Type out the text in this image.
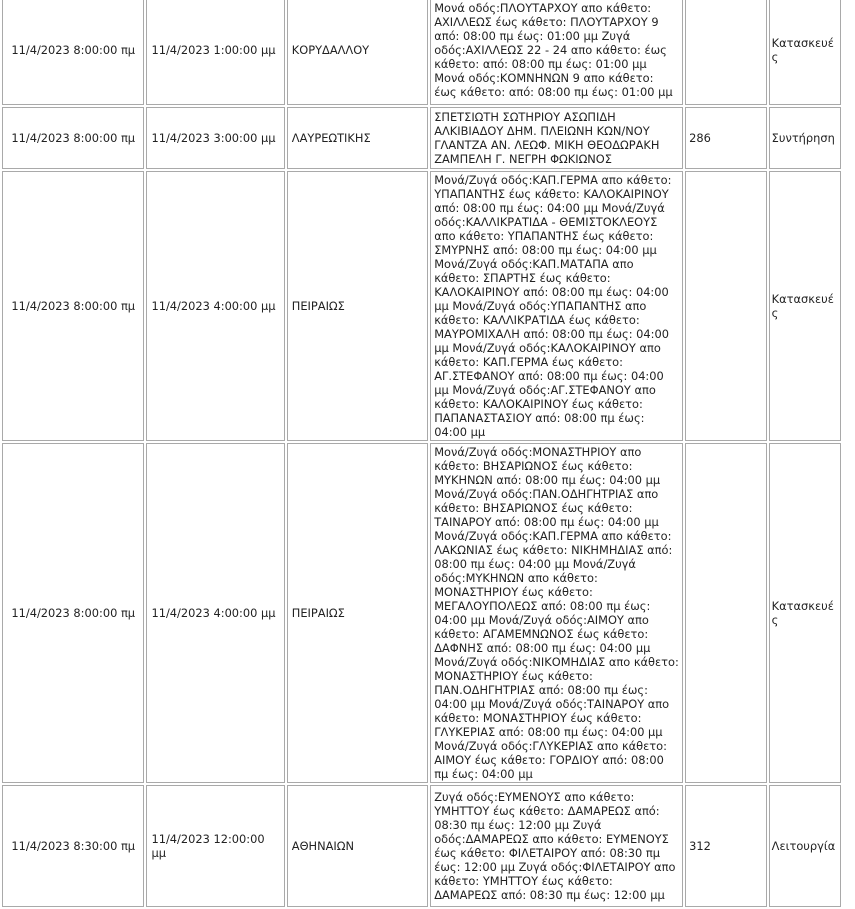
11/4/2023 8:00:00 πμ	11/4/2023 1:00:00 μμ	ΚΟΡΥΔΑΛΛΟΥ	Μονά οδός:ΠΛΟΥΤΑΡΧΟΥ απο κάθετο: ΑΧΙΛΛΕΩΣ έως κάθετο: ΠΛΟΥΤΑΡΧΟΥ 9 από: 08:00 πμ έως: 01:00 μμ Ζυγά οδός:ΑΧΙΛΛΕΩΣ 22 - 24 απο κάθετο: έως κάθετο: από: 08:00 πμ έως: 01:00 μμ Μονά οδός:ΚΟΜΝΗΝΩΝ 9 απο κάθετο: έως κάθετο: από: 08:00 πμ έως: 01:00 μμ		Κατασκευές
11/4/2023 8:00:00 πμ	11/4/2023 3:00:00 μμ	ΛΑΥΡΕΩΤΙΚΗΣ	ΣΠΕΤΣΙΩΤΗ ΣΩΤΗΡΙΟΥ ΑΣΩΠΙΔΗ ΑΛΚΙΒΙΑΔΟΥ ΔΗΜ. ΠΛΕΙΩΝΗ ΚΩΝ/ΝΟΥ ΓΛΑΝΤΖΑ ΑΝ. ΛΕΩΦ. ΜΙΚΗ ΘΕΟΔΩΡΑΚΗ ΖΑΜΠΕΛΗ Γ. ΝΕΓΡΗ ΦΩΚΙΩΝΟΣ	286	Συντήρηση
11/4/2023 8:00:00 πμ	11/4/2023 4:00:00 μμ	ΠΕΙΡΑΙΩΣ	Μονά/Ζυγά οδός:ΚΑΠ.ΓΕΡΜΑ απο κάθετο: ΥΠΑΠΑΝΤΗΣ έως κάθετο: ΚΑΛΟΚΑΙΡΙΝΟΥ από: 08:00 πμ έως: 04:00 μμ Μονά/Ζυγά οδός:ΚΑΛΛΙΚΡΑΤΙΔΑ - ΘΕΜΙΣΤΟΚΛΕΟΥΣ απο κάθετο: ΥΠΑΠΑΝΤΗΣ έως κάθετο: ΣΜΥΡΝΗΣ από: 08:00 πμ έως: 04:00 μμ Μονά/Ζυγά οδός:ΚΑΠ.ΜΑΤΑΠΑ απο κάθετο: ΣΠΑΡΤΗΣ έως κάθετο: ΚΑΛΟΚΑΙΡΙΝΟΥ από: 08:00 πμ έως: 04:00 μμ Μονά/Ζυγά οδός:ΥΠΑΠΑΝΤΗΣ απο κάθετο: ΚΑΛΛΙΚΡΑΤΙΔΑ έως κάθετο: ΜΑΥΡΟΜΙΧΑΛΗ από: 08:00 πμ έως: 04:00 μμ Μονά/Ζυγά οδός:ΚΑΛΟΚΑΙΡΙΝΟΥ απο κάθετο: ΚΑΠ.ΓΕΡΜΑ έως κάθετο: ΑΓ.ΣΤΕΦΑΝΟΥ από: 08:00 πμ έως: 04:00 μμ Μονά/Ζυγά οδός:ΑΓ.ΣΤΕΦΑΝΟΥ απο κάθετο: ΚΑΛΟΚΑΙΡΙΝΟΥ έως κάθετο: ΠΑΠΑΝΑΣΤΑΣΙΟΥ από: 08:00 πμ έως: 04:00 μμ		Κατασκευές
11/4/2023 8:00:00 πμ	11/4/2023 4:00:00 μμ	ΠΕΙΡΑΙΩΣ	Μονά/Ζυγά οδός:ΜΟΝΑΣΤΗΡΙΟΥ απο κάθετο: ΒΗΣΑΡΙΩΝΟΣ έως κάθετο: ΜΥΚΗΝΩΝ από: 08:00 πμ έως: 04:00 μμ Μονά/Ζυγά οδός:ΠΑΝ.ΟΔΗΓΗΤΡΙΑΣ απο κάθετο: ΒΗΣΑΡΙΩΝΟΣ έως κάθετο: ΤΑΙΝΑΡΟΥ από: 08:00 πμ έως: 04:00 μμ Μονά/Ζυγά οδός:ΚΑΠ.ΓΕΡΜΑ απο κάθετο: ΛΑΚΩΝΙΑΣ έως κάθετο: ΝΙΚΗΜΗΔΙΑΣ από: 08:00 πμ έως: 04:00 μμ Μονά/Ζυγά οδός:ΜΥΚΗΝΩΝ απο κάθετο: ΜΟΝΑΣΤΗΡΙΟΥ έως κάθετο: ΜΕΓΑΛΟΥΠΟΛΕΩΣ από: 08:00 πμ έως: 04:00 μμ Μονά/Ζυγά οδός:ΑΙΜΟΥ απο κάθετο: ΑΓΑΜΕΜΝΩΝΟΣ έως κάθετο: ΔΑΦΝΗΣ από: 08:00 πμ έως: 04:00 μμ Μονά/Ζυγά οδός:ΝΙΚΟΜΗΔΙΑΣ απο κάθετο: ΜΟΝΑΣΤΗΡΙΟΥ έως κάθετο: ΠΑΝ.ΟΔΗΓΗΤΡΙΑΣ από: 08:00 πμ έως: 04:00 μμ Μονά/Ζυγά οδός:ΤΑΙΝΑΡΟΥ απο κάθετο: ΜΟΝΑΣΤΗΡΙΟΥ έως κάθετο: ΓΛΥΚΕΡΙΑΣ από: 08:00 πμ έως: 04:00 μμ Μονά/Ζυγά οδός:ΓΛΥΚΕΡΙΑΣ απο κάθετο: ΑΙΜΟΥ έως κάθετο: ΓΟΡΔΙΟΥ από: 08:00 πμ έως: 04:00 μμ		Κατασκευές
11/4/2023 8:30:00 πμ	11/4/2023 12:00:00 μμ	ΑΘΗΝΑΙΩΝ	Ζυγά οδός:ΕΥΜΕΝΟΥΣ απο κάθετο: ΥΜΗΤΤΟΥ έως κάθετο: ΔΑΜΑΡΕΩΣ από: 08:30 πμ έως: 12:00 μμ Ζυγά οδός:ΔΑΜΑΡΕΩΣ απο κάθετο: ΕΥΜΕΝΟΥΣ έως κάθετο: ΦΙΛΕΤΑΙΡΟΥ από: 08:30 πμ έως: 12:00 μμ Ζυγά οδός:ΦΙΛΕΤΑΙΡΟΥ απο κάθετο: ΥΜΗΤΤΟΥ έως κάθετο: ΔΑΜΑΡΕΩΣ από: 08:30 πμ έως: 12:00 μμ	312	Λειτουργία
